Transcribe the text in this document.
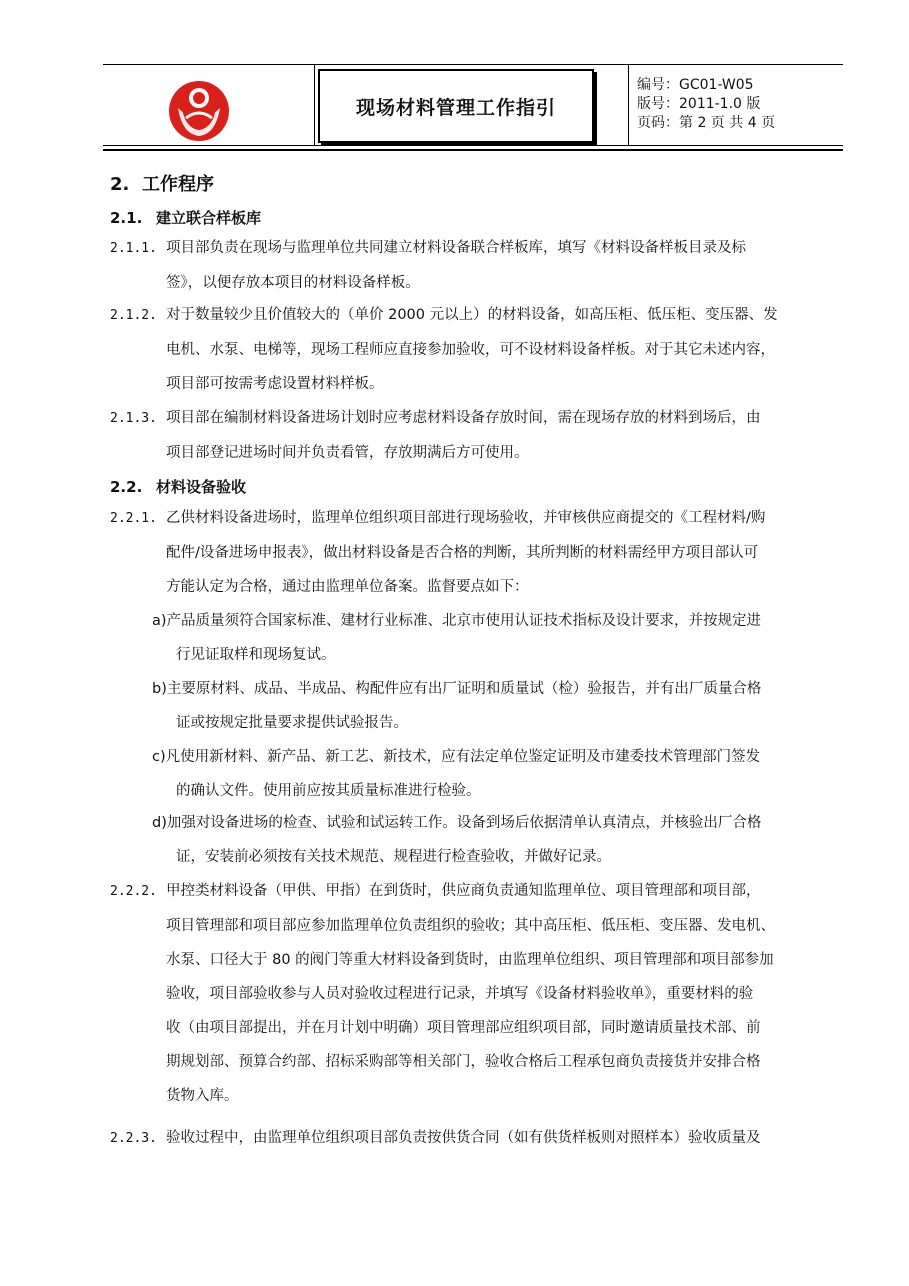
现场材料管理工作指引
编号：GC01-W05
版号：2011-1.0 版
页码：第 2 页 共 4 页
2. 工作程序
2.1. 建立联合样板库
2.1.1. 项目部负责在现场与监理单位共同建立材料设备联合样板库，填写《材料设备样板目录及标
签》，以便存放本项目的材料设备样板。
2.1.2. 对于数量较少且价值较大的（单价 2000 元以上）的材料设备，如高压柜、低压柜、变压器、发
电机、水泵、电梯等，现场工程师应直接参加验收，可不设材料设备样板。对于其它未述内容，
项目部可按需考虑设置材料样板。
2.1.3. 项目部在编制材料设备进场计划时应考虑材料设备存放时间，需在现场存放的材料到场后，由
项目部登记进场时间并负责看管，存放期满后方可使用。
2.2. 材料设备验收
2.2.1. 乙供材料设备进场时，监理单位组织项目部进行现场验收，并审核供应商提交的《工程材料/购
配件/设备进场申报表》，做出材料设备是否合格的判断，其所判断的材料需经甲方项目部认可
方能认定为合格，通过由监理单位备案。监督要点如下：
a)产品质量须符合国家标准、建材行业标准、北京市使用认证技术指标及设计要求，并按规定进
行见证取样和现场复试。
b)主要原材料、成品、半成品、构配件应有出厂证明和质量试（检）验报告，并有出厂质量合格
证或按规定批量要求提供试验报告。
c)凡使用新材料、新产品、新工艺、新技术，应有法定单位鉴定证明及市建委技术管理部门签发
的确认文件。使用前应按其质量标准进行检验。
d)加强对设备进场的检查、试验和试运转工作。设备到场后依据清单认真清点，并核验出厂合格
证，安装前必须按有关技术规范、规程进行检查验收，并做好记录。
2.2.2. 甲控类材料设备（甲供、甲指）在到货时，供应商负责通知监理单位、项目管理部和项目部，
项目管理部和项目部应参加监理单位负责组织的验收；其中高压柜、低压柜、变压器、发电机、
水泵、口径大于 80 的阀门等重大材料设备到货时，由监理单位组织、项目管理部和项目部参加
验收，项目部验收参与人员对验收过程进行记录，并填写《设备材料验收单》，重要材料的验
收（由项目部提出，并在月计划中明确）项目管理部应组织项目部，同时邀请质量技术部、前
期规划部、预算合约部、招标采购部等相关部门，验收合格后工程承包商负责接货并安排合格
货物入库。
2.2.3. 验收过程中，由监理单位组织项目部负责按供货合同（如有供货样板则对照样本）验收质量及
